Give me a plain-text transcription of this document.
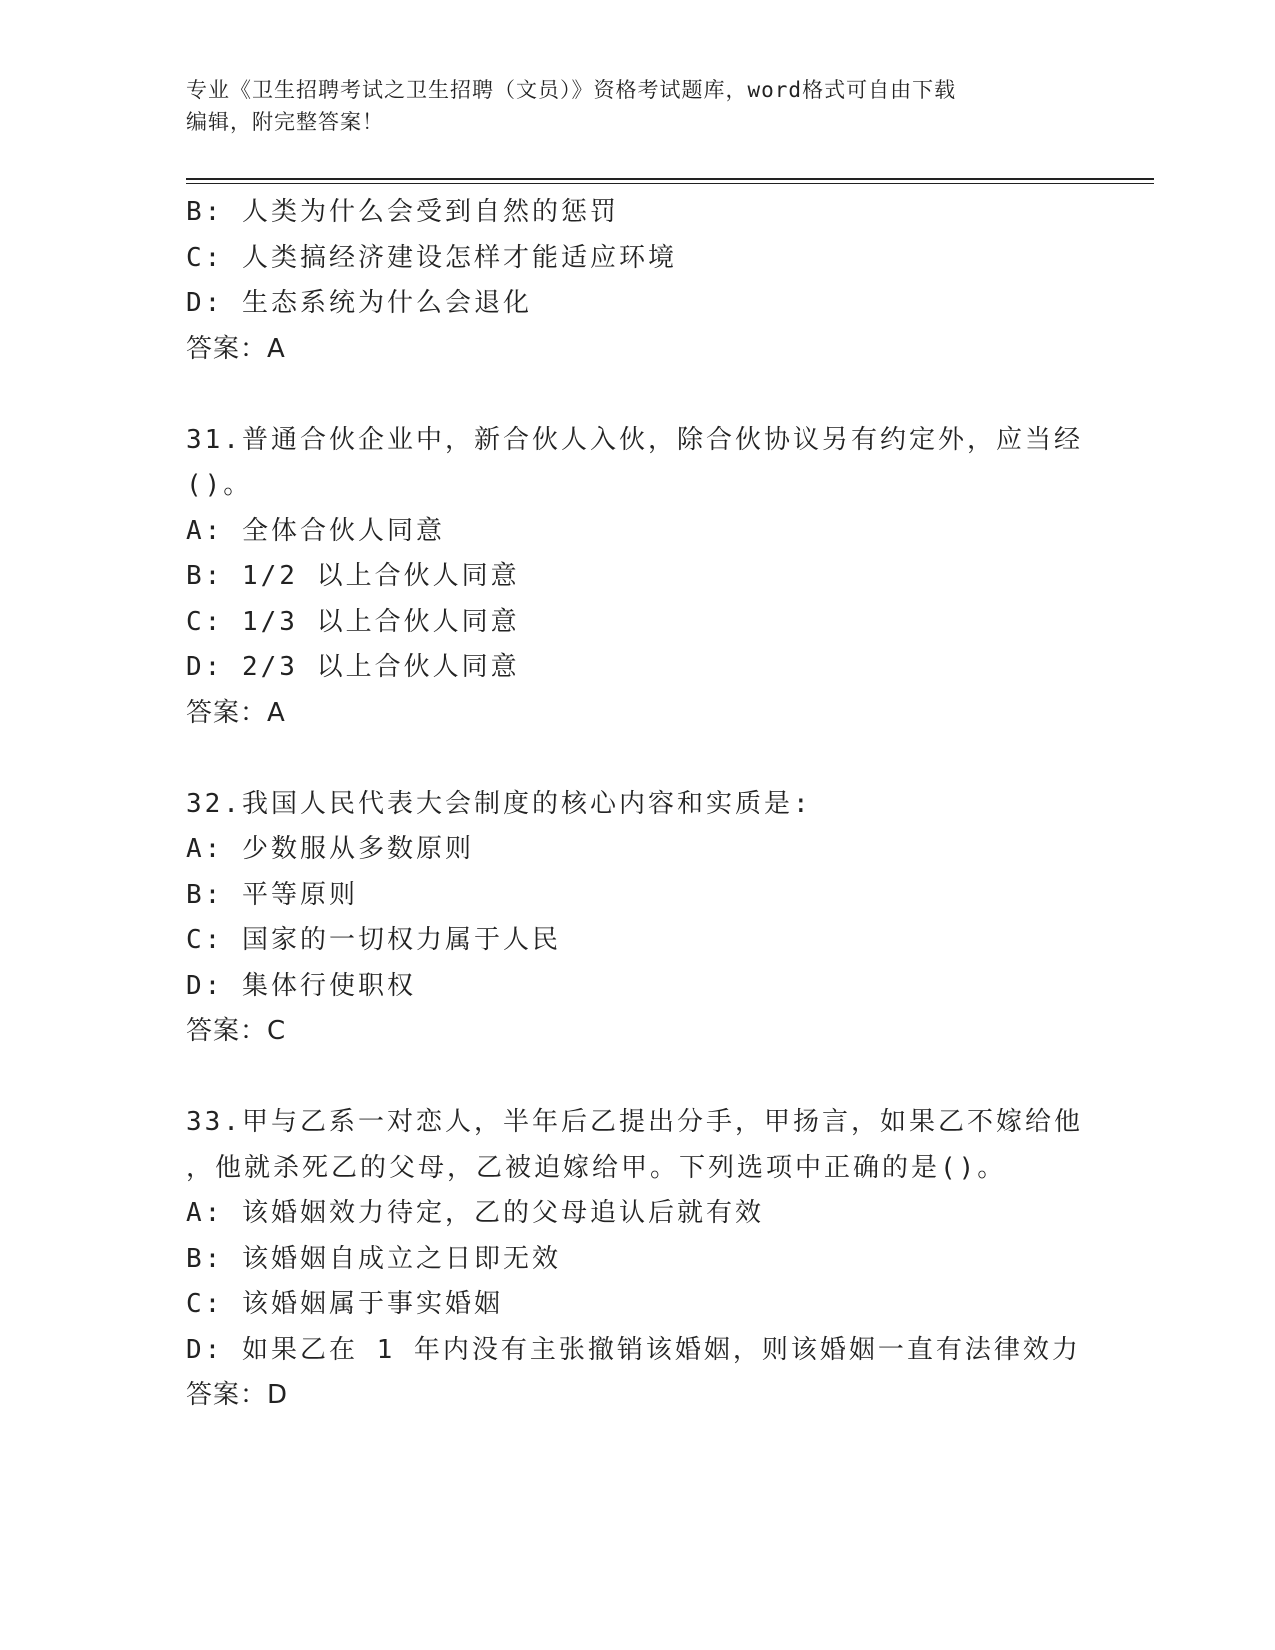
专业《卫生招聘考试之卫生招聘（文员）》资格考试题库，word格式可自由下载
编辑，附完整答案！
B: 人类为什么会受到自然的惩罚
C: 人类搞经济建设怎样才能适应环境
D: 生态系统为什么会退化
答案：A
31.普通合伙企业中，新合伙人入伙，除合伙协议另有约定外，应当经
()。
A: 全体合伙人同意
B: 1/2 以上合伙人同意
C: 1/3 以上合伙人同意
D: 2/3 以上合伙人同意
答案：A
32.我国人民代表大会制度的核心内容和实质是:
A: 少数服从多数原则
B: 平等原则
C: 国家的一切权力属于人民
D: 集体行使职权
答案：C
33.甲与乙系一对恋人，半年后乙提出分手，甲扬言，如果乙不嫁给他
，他就杀死乙的父母，乙被迫嫁给甲。下列选项中正确的是()。
A: 该婚姻效力待定，乙的父母追认后就有效
B: 该婚姻自成立之日即无效
C: 该婚姻属于事实婚姻
D: 如果乙在 1 年内没有主张撤销该婚姻，则该婚姻一直有法律效力
答案：D
